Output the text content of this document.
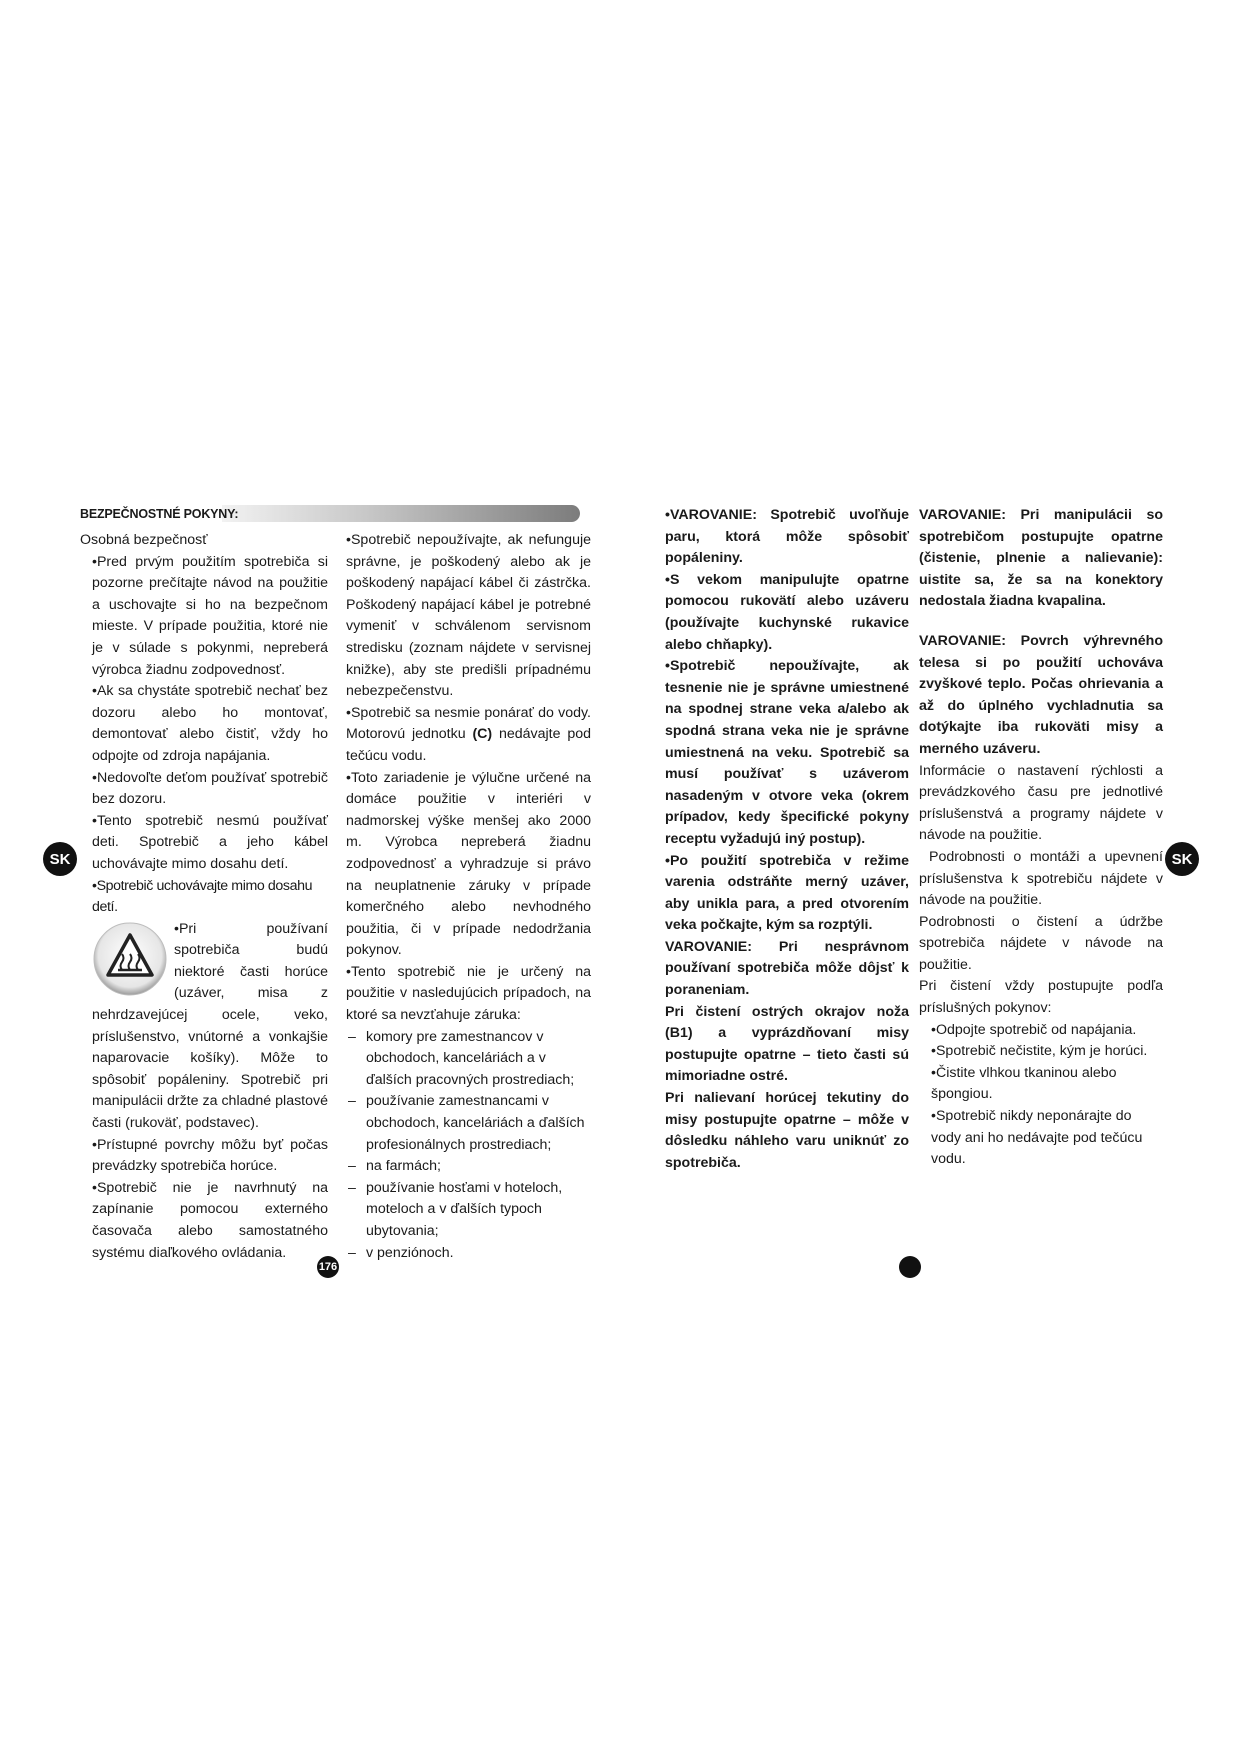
BEZPEČNOSTNÉ POKYNY:
SK	SK

Osobná bezpečnosť

•Pred prvým použitím spotrebiča si pozorne prečítajte návod na použitie a uschovajte si ho na bezpečnom mieste. V prípade použitia, ktoré nie je v súlade s pokynmi, nepreberá výrobca žiadnu zodpovednosť.

•Ak sa chystáte spotrebič nechať bez dozoru alebo ho montovať, demontovať alebo čistiť, vždy ho odpojte od zdroja napájania.

•Nedovoľte deťom používať spotrebič bez dozoru.

•Tento spotrebič nesmú používať deti. Spotrebič a jeho kábel uchovávajte mimo dosahu detí.

•Spotrebič uchovávajte mimo dosahu detí.

•Pri používaní spotrebiča budú niektoré časti horúce (uzáver, misa z nehrdzavejúcej ocele, veko, príslušenstvo, vnútorné a vonkajšie naparovacie košíky). Môže to spôsobiť popáleniny. Spotrebič pri manipulácii držte za chladné plastové časti (rukoväť, podstavec).

•Prístupné povrchy môžu byť počas prevádzky spotrebiča horúce.

•Spotrebič nie je navrhnutý na zapínanie pomocou externého časovača alebo samostatného systému diaľkového ovládania.

•Spotrebič nepoužívajte, ak nefunguje správne, je poškodený alebo ak je poškodený napájací kábel či zástrčka. Poškodený napájací kábel je potrebné vymeniť v schválenom servisnom stredisku (zoznam nájdete v servisnej knižke), aby ste predišli prípadnému nebezpečenstvu.

•Spotrebič sa nesmie ponárať do vody. Motorovú jednotku (C) nedávajte pod tečúcu vodu.

•Toto zariadenie je výlučne určené na domáce použitie v interiéri v nadmorskej výške menšej ako 2000 m. Výrobca nepreberá žiadnu zodpovednosť a vyhradzuje si právo na neuplatnenie záruky v prípade komerčného alebo nevhodného použitia, či v prípade nedodržania pokynov.

•Tento spotrebič nie je určený na použitie v nasledujúcich prípadoch, na ktoré sa nevzťahuje záruka:

– komory pre zamestnancov v obchodoch, kanceláriách a v ďalších pracovných prostrediach;
– používanie zamestnancami v obchodoch, kanceláriách a ďalších profesionálnych prostrediach;
– na farmách;
– používanie hosťami v hoteloch, moteloch a v ďalších typoch ubytovania;
– v penziónoch.

•VAROVANIE: Spotrebič uvoľňuje paru, ktorá môže spôsobiť popáleniny.

•S vekom manipulujte opatrne pomocou rukovätí alebo uzáveru (používajte kuchynské rukavice alebo chňapky).

•Spotrebič nepoužívajte, ak tesnenie nie je správne umiestnené na spodnej strane veka a/alebo ak spodná strana veka nie je správne umiestnená na veku. Spotrebič sa musí používať s uzáverom nasadeným v otvore veka (okrem prípadov, kedy špecifické pokyny receptu vyžadujú iný postup).

•Po použití spotrebiča v režime varenia odstráňte merný uzáver, aby unikla para, a pred otvorením veka počkajte, kým sa rozptýli.

VAROVANIE: Pri nesprávnom používaní spotrebiča môže dôjsť k poraneniam.

Pri čistení ostrých okrajov noža (B1) a vyprázdňovaní misy postupujte opatrne – tieto časti sú mimoriadne ostré.

Pri nalievaní horúcej tekutiny do misy postupujte opatrne – môže v dôsledku náhleho varu uniknúť zo spotrebiča.

VAROVANIE: Pri manipulácii so spotrebičom postupujte opatrne (čistenie, plnenie a nalievanie): uistite sa, že sa na konektory nedostala žiadna kvapalina.

VAROVANIE: Povrch výhrevného telesa si po použití uchováva zvyškové teplo. Počas ohrievania a až do úplného vychladnutia sa dotýkajte iba rukoväti misy a merného uzáveru.

Informácie o nastavení rýchlosti a prevádzkového času pre jednotlivé príslušenstvá a programy nájdete v návode na použitie.

Podrobnosti o montáži a upevnení príslušenstva k spotrebiču nájdete v návode na použitie.

Podrobnosti o čistení a údržbe spotrebiča nájdete v návode na použitie.

Pri čistení vždy postupujte podľa príslušných pokynov:

•Odpojte spotrebič od napájania.

•Spotrebič nečistite, kým je horúci.

•Čistite vlhkou tkaninou alebo špongiou.

•Spotrebič nikdy neponárajte do vody ani ho nedávajte pod tečúcu vodu.

176
